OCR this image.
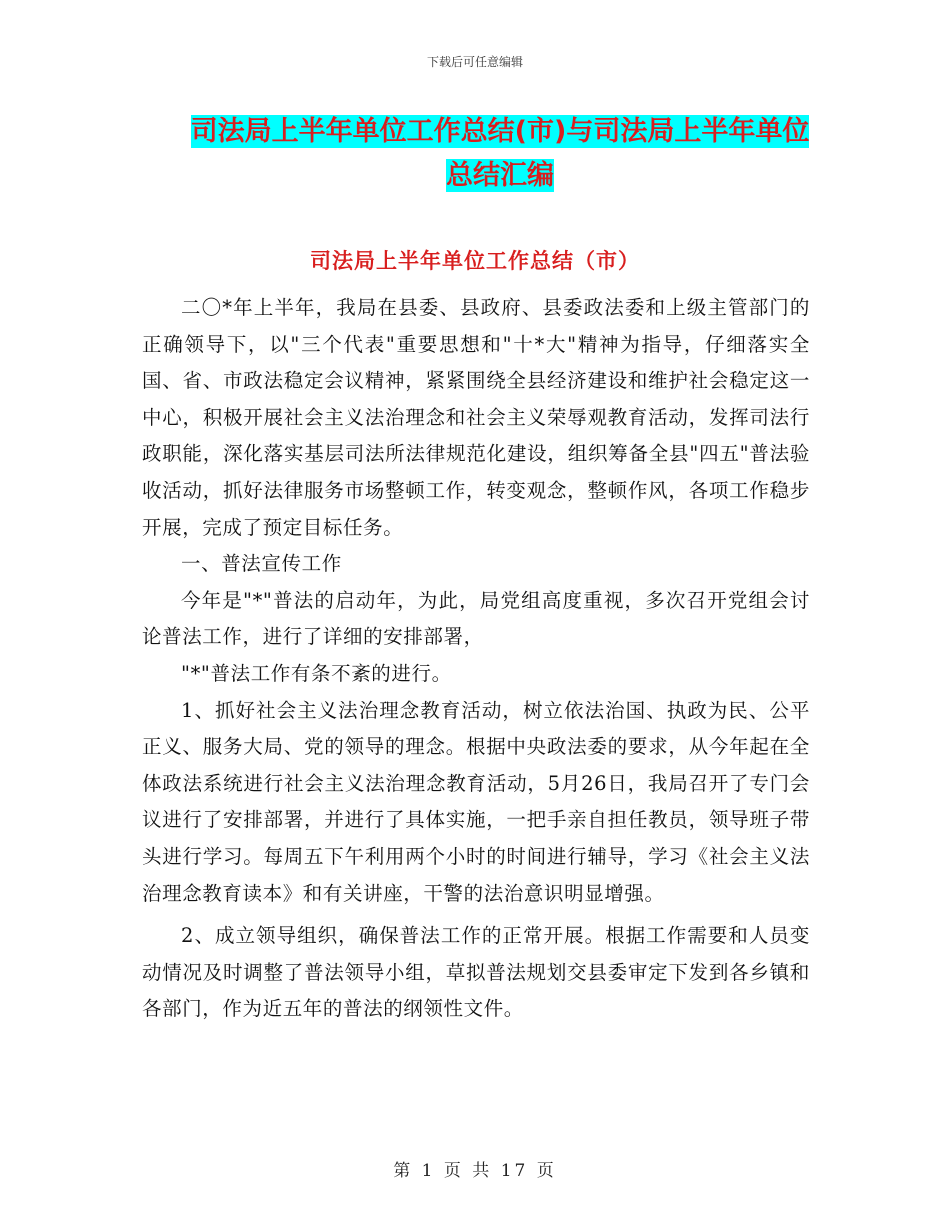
下载后可任意编辑
司法局上半年单位工作总结(市)与司法局上半年单位
总结汇编
司法局上半年单位工作总结（市）

二〇*年上半年，我局在县委、县政府、县委政法委和上级主管部门的正确领导下，以"三个代表"重要思想和"十*大"精神为指导，仔细落实全国、省、市政法稳定会议精神，紧紧围绕全县经济建设和维护社会稳定这一中心，积极开展社会主义法治理念和社会主义荣辱观教育活动，发挥司法行政职能，深化落实基层司法所法律规范化建设，组织筹备全县"四五"普法验收活动，抓好法律服务市场整顿工作，转变观念，整顿作风，各项工作稳步开展，完成了预定目标任务。

一、普法宣传工作

今年是"*"普法的启动年，为此，局党组高度重视，多次召开党组会讨论普法工作，进行了详细的安排部署，

"*"普法工作有条不紊的进行。

1、抓好社会主义法治理念教育活动，树立依法治国、执政为民、公平正义、服务大局、党的领导的理念。根据中央政法委的要求，从今年起在全体政法系统进行社会主义法治理念教育活动，5月26日，我局召开了专门会议进行了安排部署，并进行了具体实施，一把手亲自担任教员，领导班子带头进行学习。每周五下午利用两个小时的时间进行辅导，学习《社会主义法治理念教育读本》和有关讲座，干警的法治意识明显增强。

2、成立领导组织，确保普法工作的正常开展。根据工作需要和人员变动情况及时调整了普法领导小组，草拟普法规划交县委审定下发到各乡镇和各部门，作为近五年的普法的纲领性文件。

第 1 页 共 17 页
